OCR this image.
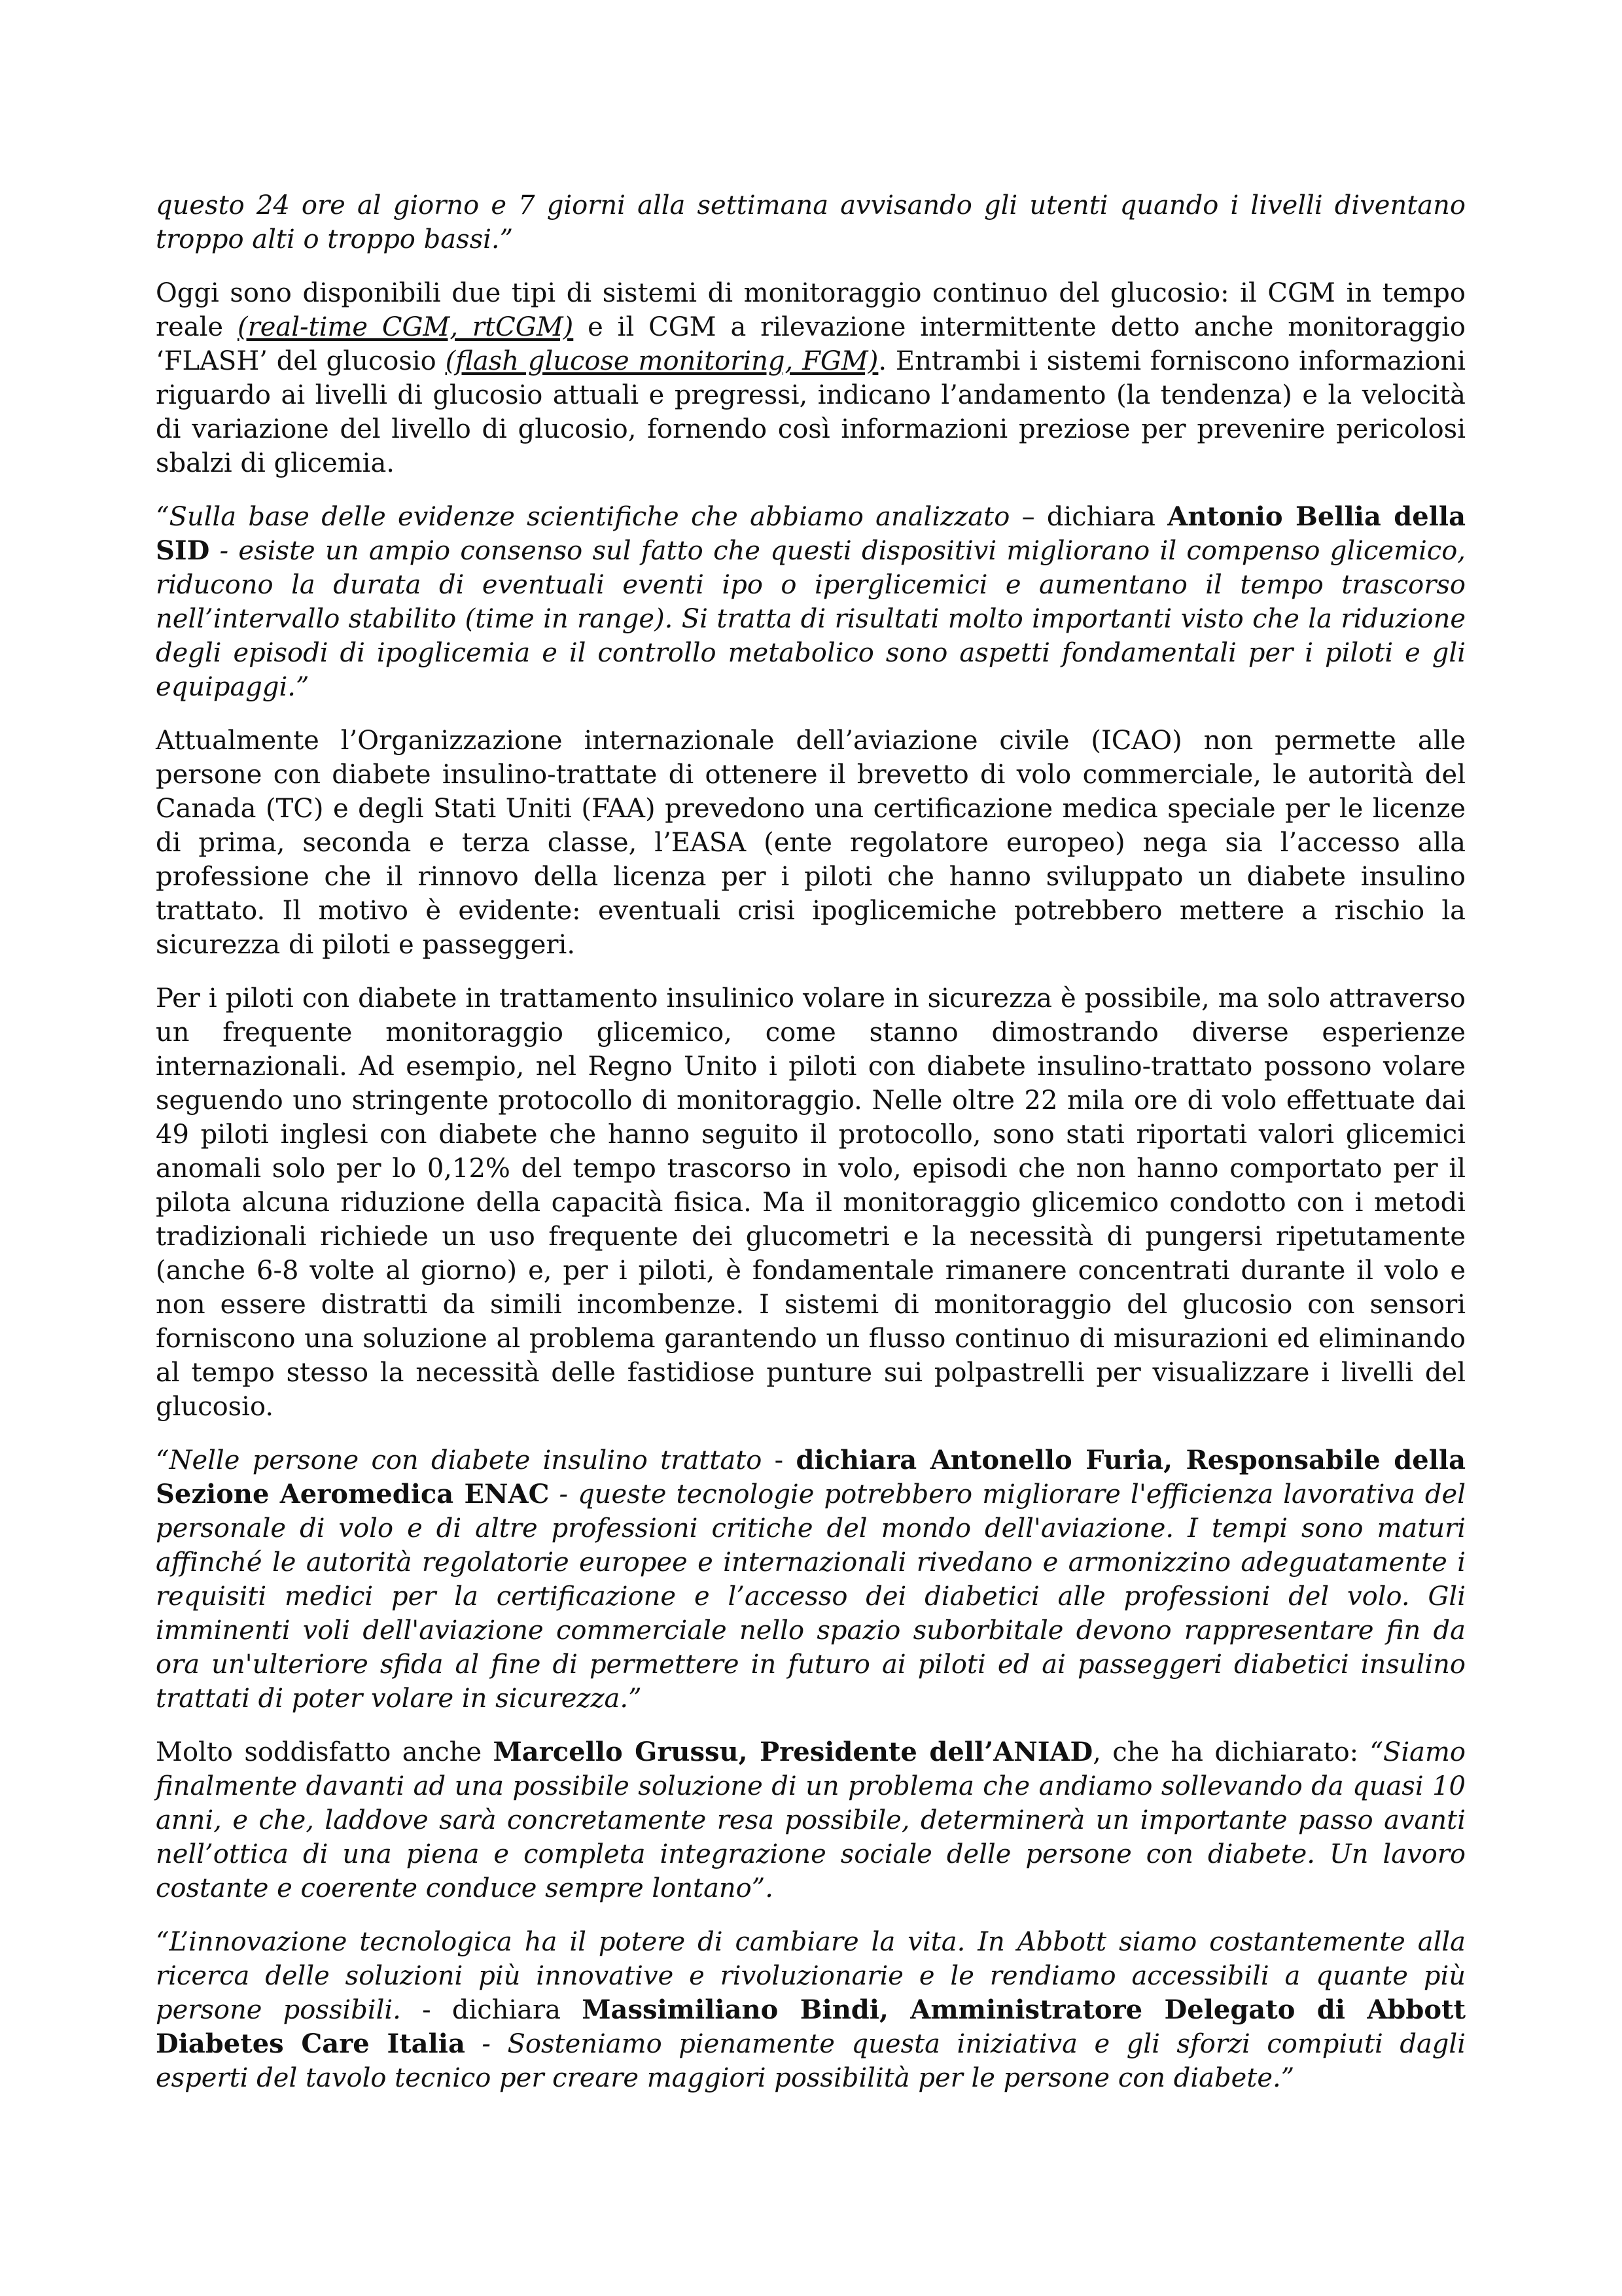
questo 24 ore al giorno e 7 giorni alla settimana avvisando gli utenti quando i livelli diventano troppo alti o troppo bassi.”

Oggi sono disponibili due tipi di sistemi di monitoraggio continuo del glucosio: il CGM in tempo reale (real-time CGM, rtCGM) e il CGM a rilevazione intermittente detto anche monitoraggio ‘FLASH’ del glucosio (flash glucose monitoring, FGM). Entrambi i sistemi forniscono informazioni riguardo ai livelli di glucosio attuali e pregressi, indicano l’andamento (la tendenza) e la velocità di variazione del livello di glucosio, fornendo così informazioni preziose per prevenire pericolosi sbalzi di glicemia.

“Sulla base delle evidenze scientifiche che abbiamo analizzato – dichiara Antonio Bellia della SID - esiste un ampio consenso sul fatto che questi dispositivi migliorano il compenso glicemico, riducono la durata di eventuali eventi ipo o iperglicemici e aumentano il tempo trascorso nell’intervallo stabilito (time in range). Si tratta di risultati molto importanti visto che la riduzione degli episodi di ipoglicemia e il controllo metabolico sono aspetti fondamentali per i piloti e gli equipaggi.”

Attualmente l’Organizzazione internazionale dell’aviazione civile (ICAO) non permette alle persone con diabete insulino-trattate di ottenere il brevetto di volo commerciale, le autorità del Canada (TC) e degli Stati Uniti (FAA) prevedono una certificazione medica speciale per le licenze di prima, seconda e terza classe, l’EASA (ente regolatore europeo) nega sia l’accesso alla professione che il rinnovo della licenza per i piloti che hanno sviluppato un diabete insulino trattato. Il motivo è evidente: eventuali crisi ipoglicemiche potrebbero mettere a rischio la sicurezza di piloti e passeggeri.

Per i piloti con diabete in trattamento insulinico volare in sicurezza è possibile, ma solo attraverso un frequente monitoraggio glicemico, come stanno dimostrando diverse esperienze internazionali. Ad esempio, nel Regno Unito i piloti con diabete insulino-trattato possono volare seguendo uno stringente protocollo di monitoraggio. Nelle oltre 22 mila ore di volo effettuate dai 49 piloti inglesi con diabete che hanno seguito il protocollo, sono stati riportati valori glicemici anomali solo per lo 0,12% del tempo trascorso in volo, episodi che non hanno comportato per il pilota alcuna riduzione della capacità fisica. Ma il monitoraggio glicemico condotto con i metodi tradizionali richiede un uso frequente dei glucometri e la necessità di pungersi ripetutamente (anche 6-8 volte al giorno) e, per i piloti, è fondamentale rimanere concentrati durante il volo e non essere distratti da simili incombenze. I sistemi di monitoraggio del glucosio con sensori forniscono una soluzione al problema garantendo un flusso continuo di misurazioni ed eliminando al tempo stesso la necessità delle fastidiose punture sui polpastrelli per visualizzare i livelli del glucosio.

“Nelle persone con diabete insulino trattato - dichiara Antonello Furia, Responsabile della Sezione Aeromedica ENAC - queste tecnologie potrebbero migliorare l'efficienza lavorativa del personale di volo e di altre professioni critiche del mondo dell'aviazione. I tempi sono maturi affinché le autorità regolatorie europee e internazionali rivedano e armonizzino adeguatamente i requisiti medici per la certificazione e l’accesso dei diabetici alle professioni del volo. Gli imminenti voli dell'aviazione commerciale nello spazio suborbitale devono rappresentare fin da ora un'ulteriore sfida al fine di permettere in futuro ai piloti ed ai passeggeri diabetici insulino trattati di poter volare in sicurezza.”

Molto soddisfatto anche Marcello Grussu, Presidente dell’ANIAD, che ha dichiarato: “Siamo finalmente davanti ad una possibile soluzione di un problema che andiamo sollevando da quasi 10 anni, e che, laddove sarà concretamente resa possibile, determinerà un importante passo avanti nell’ottica di una piena e completa integrazione sociale delle persone con diabete. Un lavoro costante e coerente conduce sempre lontano”.

“L’innovazione tecnologica ha il potere di cambiare la vita. In Abbott siamo costantemente alla ricerca delle soluzioni più innovative e rivoluzionarie e le rendiamo accessibili a quante più persone possibili. - dichiara Massimiliano Bindi, Amministratore Delegato di Abbott Diabetes Care Italia - Sosteniamo pienamente questa iniziativa e gli sforzi compiuti dagli esperti del tavolo tecnico per creare maggiori possibilità per le persone con diabete.”
